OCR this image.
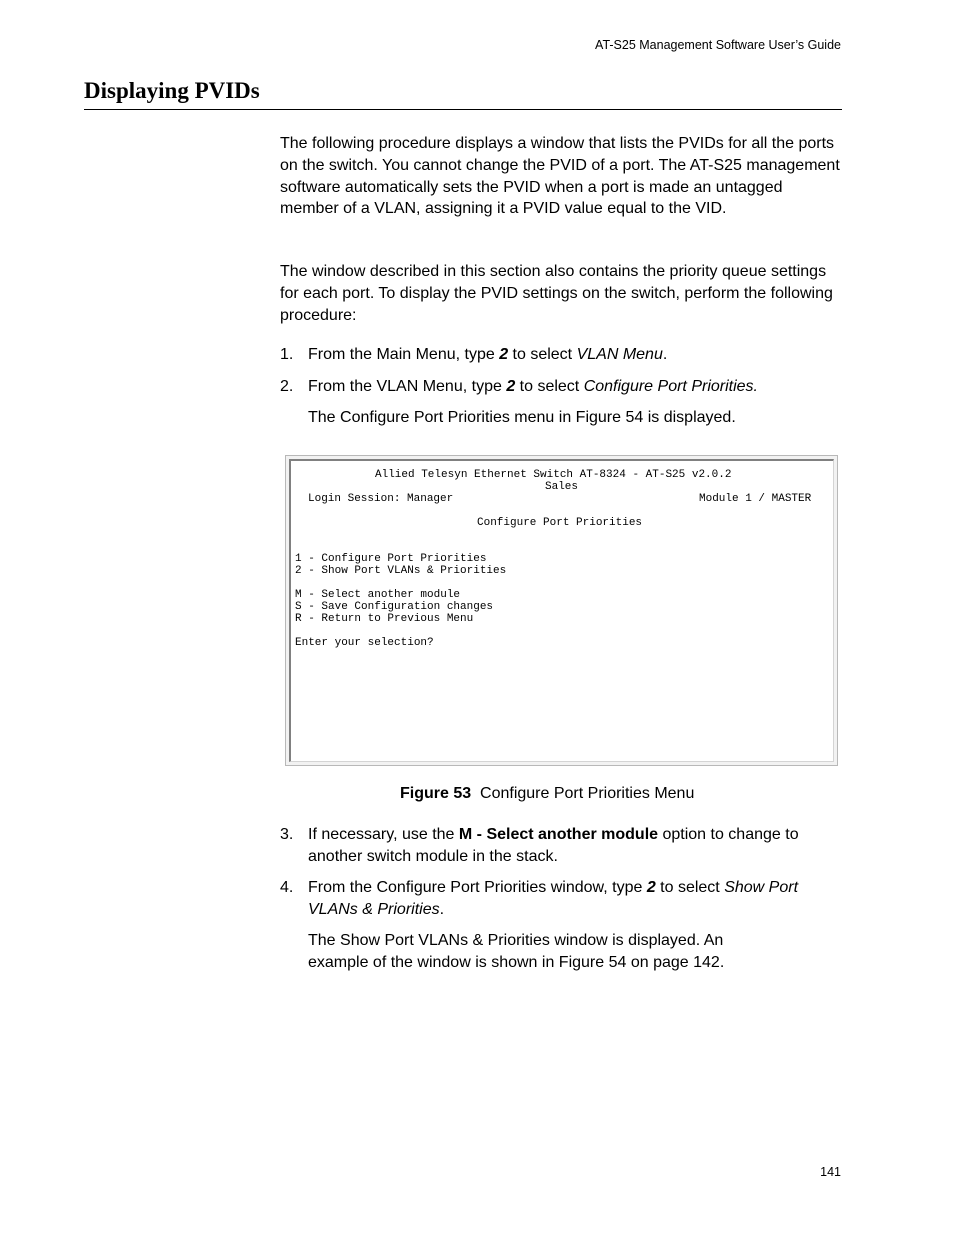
AT-S25 Management Software User’s Guide
Displaying PVIDs
The following procedure displays a window that lists the PVIDs for all the ports on the switch. You cannot change the PVID of a port. The AT-S25 management software automatically sets the PVID when a port is made an untagged member of a VLAN, assigning it a PVID value equal to the VID.
The window described in this section also contains the priority queue settings for each port. To display the PVID settings on the switch, perform the following procedure:
1. From the Main Menu, type 2 to select VLAN Menu.
2. From the VLAN Menu, type 2 to select Configure Port Priorities.
The Configure Port Priorities menu in Figure 54 is displayed.
Allied Telesyn Ethernet Switch AT-8324 - AT-S25 v2.0.2
Sales
Login Session: Manager	Module 1 / MASTER
Configure Port Priorities
1 - Configure Port Priorities
2 - Show Port VLANs & Priorities
M - Select another module
S - Save Configuration changes
R - Return to Previous Menu
Enter your selection?
Figure 53 Configure Port Priorities Menu
3. If necessary, use the M - Select another module option to change to another switch module in the stack.
4. From the Configure Port Priorities window, type 2 to select Show Port VLANs & Priorities.
The Show Port VLANs & Priorities window is displayed. An example of the window is shown in Figure 54 on page 142.
141
